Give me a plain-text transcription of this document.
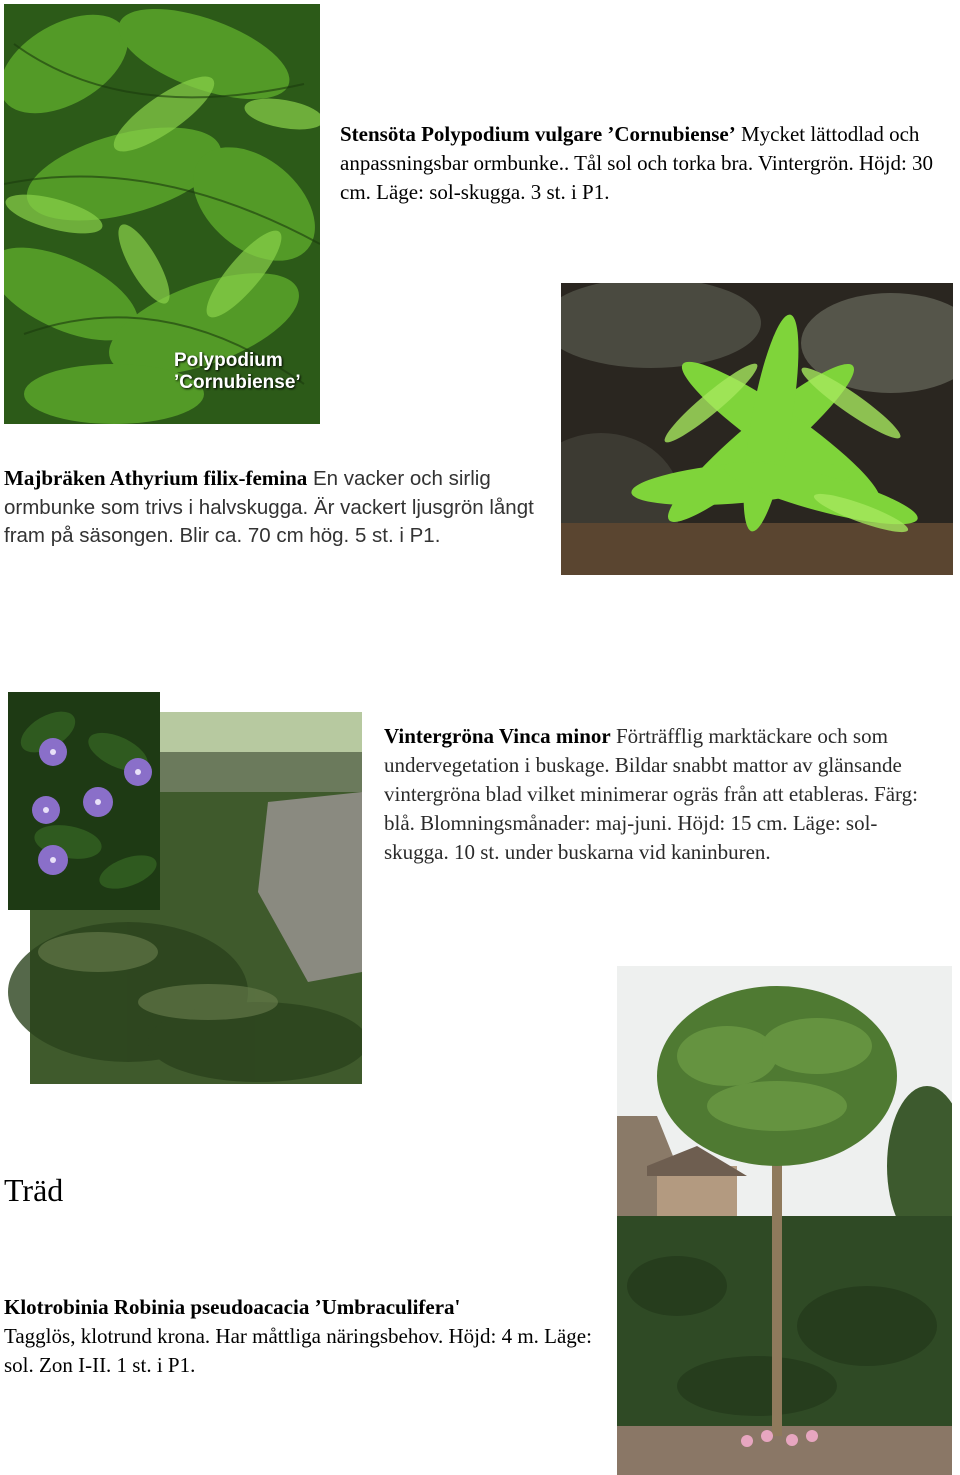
Polypodium
’Cornubiense’
Stensöta Polypodium vulgare ’Cornubiense’ Mycket lättodlad och anpassningsbar ormbunke.. Tål sol och torka bra. Vintergrön. Höjd: 30 cm. Läge: sol-skugga. 3 st. i P1.
Majbräken Athyrium filix-femina En vacker och sirlig ormbunke som trivs i halvskugga. Är vackert ljusgrön långt fram på säsongen. Blir ca. 70 cm hög. 5 st. i P1.
Vintergröna Vinca minor Förträfflig marktäckare och som undervegetation i buskage. Bildar snabbt mattor av glänsande vintergröna blad vilket minimerar ogräs från att etableras. Färg: blå. Blomningsmånader: maj-juni. Höjd: 15 cm. Läge: sol-skugga. 10 st. under buskarna vid kaninburen.
Träd
Klotrobinia Robinia pseudoacacia ’Umbraculifera'
Tagglös, klotrund krona. Har måttliga näringsbehov. Höjd: 4 m. Läge: sol. Zon I-II. 1 st. i P1.
